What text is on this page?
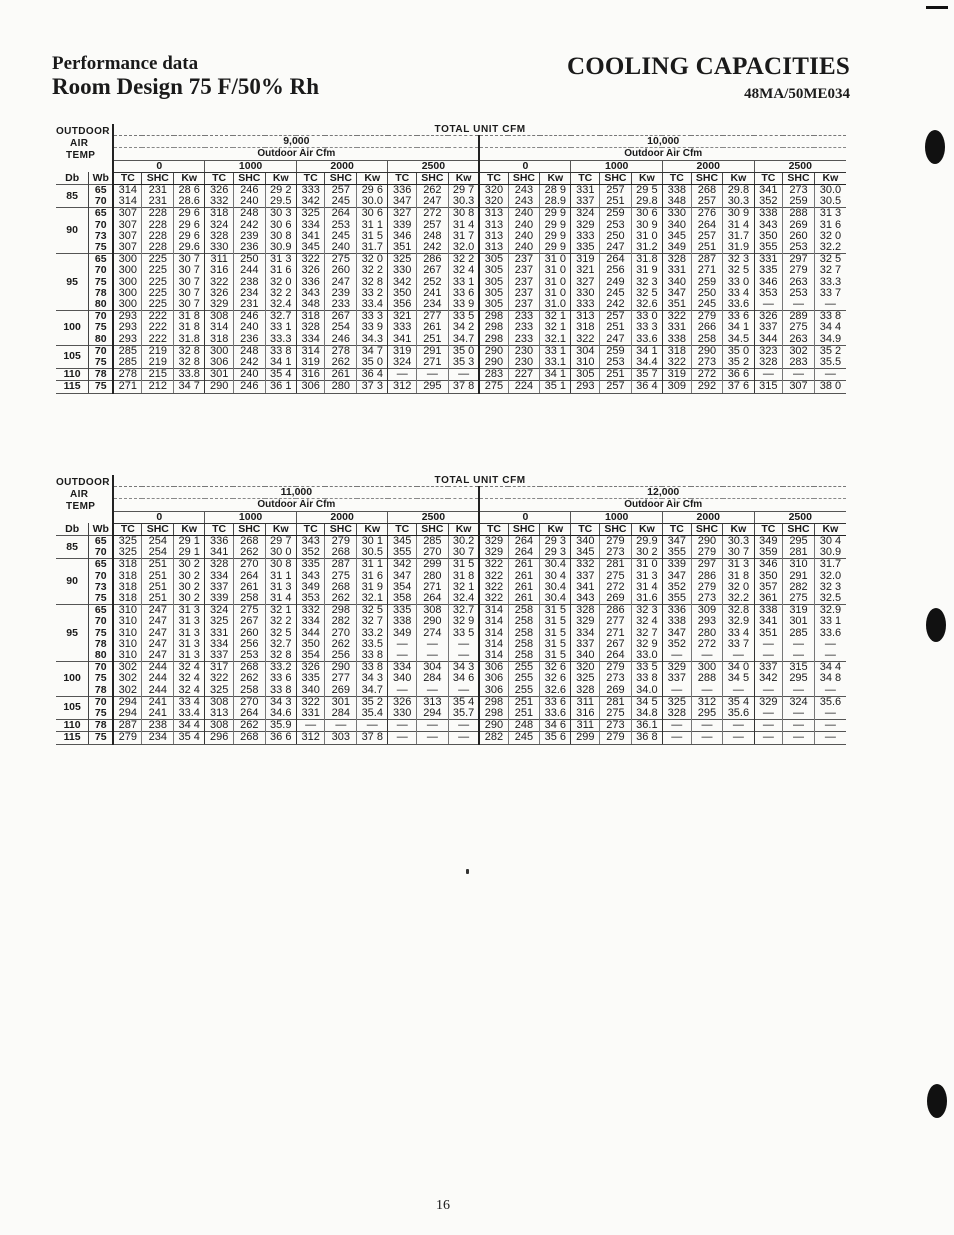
Performance data
Room Design 75 F/50% Rh
COOLING CAPACITIES
48MA/50ME034
OUTDOOR
AIR
TEMP		TOTAL UNIT CFM																							
		9,000												10,000											
		Outdoor Air Cfm												Outdoor Air Cfm											
		0			1000			2000			2500			0			1000			2000			2500		
Db	Wb	TC	SHC	Kw	TC	SHC	Kw	TC	SHC	Kw	TC	SHC	Kw	TC	SHC	Kw	TC	SHC	Kw	TC	SHC	Kw	TC	SHC	Kw
85	65	314	231	28 6	326	246	29 2	333	257	29 6	336	262	29 7	320	243	28 9	331	257	29 5	338	268	29.8	341	273	30.0
	70	314	231	28.6	332	240	29.5	342	245	30.0	347	247	30.3	320	243	28.9	337	251	29.8	348	257	30.3	352	259	30.5
90	65	307	228	29 6	318	248	30 3	325	264	30 6	327	272	30 8	313	240	29 9	324	259	30 6	330	276	30 9	338	288	31 3
	70	307	228	29 6	324	242	30 6	334	253	31 1	339	257	31 4	313	240	29 9	329	253	30 9	340	264	31 4	343	269	31 6
	73	307	228	29 6	328	239	30 8	341	245	31 5	346	248	31 7	313	240	29 9	333	250	31 0	345	257	31.7	350	260	32 0
	75	307	228	29.6	330	236	30.9	345	240	31.7	351	242	32.0	313	240	29 9	335	247	31.2	349	251	31.9	355	253	32.2
95	65	300	225	30 7	311	250	31 3	322	275	32 0	325	286	32 2	305	237	31 0	319	264	31.8	328	287	32 3	331	297	32 5
	70	300	225	30 7	316	244	31 6	326	260	32 2	330	267	32 4	305	237	31 0	321	256	31 9	331	271	32 5	335	279	32 7
	75	300	225	30 7	322	238	32 0	336	247	32 8	342	252	33 1	305	237	31 0	327	249	32 3	340	259	33 0	346	263	33.3
	78	300	225	30 7	326	234	32 2	343	239	33 2	350	241	33 6	305	237	31 0	330	245	32 5	347	250	33 4	353	253	33 7
	80	300	225	30 7	329	231	32.4	348	233	33.4	356	234	33 9	305	237	31.0	333	242	32.6	351	245	33.6	—	—	—
100	70	293	222	31 8	308	246	32.7	318	267	33 3	321	277	33 5	298	233	32 1	313	257	33 0	322	279	33 6	326	289	33 8
	75	293	222	31 8	314	240	33 1	328	254	33 9	333	261	34 2	298	233	32 1	318	251	33 3	331	266	34 1	337	275	34 4
	80	293	222	31.8	318	236	33.3	334	246	34.3	341	251	34.7	298	233	32.1	322	247	33.6	338	258	34.5	344	263	34.9
105	70	285	219	32 8	300	248	33 8	314	278	34 7	319	291	35 0	290	230	33 1	304	259	34 1	318	290	35 0	323	302	35 2
	75	285	219	32 8	306	242	34 1	319	262	35 0	324	271	35 3	290	230	33.1	310	253	34.4	322	273	35 2	328	283	35.5
110	78	278	215	33.8	301	240	35 4	316	261	36 4	—	—	—	283	227	34 1	305	251	35 7	319	272	36 6	—	—	—
115	75	271	212	34 7	290	246	36 1	306	280	37 3	312	295	37 8	275	224	35 1	293	257	36 4	309	292	37 6	315	307	38 0
OUTDOOR
AIR
TEMP		TOTAL UNIT CFM																							
		11,000												12,000											
		Outdoor Air Cfm												Outdoor Air Cfm											
		0			1000			2000			2500			0			1000			2000			2500		
Db	Wb	TC	SHC	Kw	TC	SHC	Kw	TC	SHC	Kw	TC	SHC	Kw	TC	SHC	Kw	TC	SHC	Kw	TC	SHC	Kw	TC	SHC	Kw
85	65	325	254	29 1	336	268	29 7	343	279	30 1	345	285	30.2	329	264	29 3	340	279	29.9	347	290	30.3	349	295	30 4
	70	325	254	29 1	341	262	30 0	352	268	30.5	355	270	30 7	329	264	29 3	345	273	30 2	355	279	30 7	359	281	30.9
90	65	318	251	30 2	328	270	30 8	335	287	31 1	342	299	31 5	322	261	30.4	332	281	31 0	339	297	31 3	346	310	31.7
	70	318	251	30 2	334	264	31 1	343	275	31 6	347	280	31 8	322	261	30 4	337	275	31 3	347	286	31 8	350	291	32.0
	73	318	251	30 2	337	261	31 3	349	268	31 9	354	271	32 1	322	261	30.4	341	272	31 4	352	279	32 0	357	282	32 3
	75	318	251	30 2	339	258	31 4	353	262	32.1	358	264	32.4	322	261	30.4	343	269	31.6	355	273	32.2	361	275	32.5
95	65	310	247	31 3	324	275	32 1	332	298	32 5	335	308	32.7	314	258	31 5	328	286	32 3	336	309	32.8	338	319	32.9
	70	310	247	31 3	325	267	32 2	334	282	32 7	338	290	32 9	314	258	31 5	329	277	32 4	338	293	32.9	341	301	33 1
	75	310	247	31 3	331	260	32 5	344	270	33.2	349	274	33 5	314	258	31 5	334	271	32 7	347	280	33 4	351	285	33.6
	78	310	247	31 3	334	256	32.7	350	262	33.5	—	—	—	314	258	31 5	337	267	32 9	352	272	33 7	—	—	—
	80	310	247	31 3	337	253	32 8	354	256	33 8	—	—	—	314	258	31 5	340	264	33.0	—	—	—	—	—	—
100	70	302	244	32 4	317	268	33.2	326	290	33 8	334	304	34 3	306	255	32 6	320	279	33 5	329	300	34 0	337	315	34 4
	75	302	244	32 4	322	262	33 6	335	277	34 3	340	284	34 6	306	255	32 6	325	273	33 8	337	288	34 5	342	295	34 8
	78	302	244	32 4	325	258	33 8	340	269	34.7	—	—	—	306	255	32.6	328	269	34.0	—	—	—	—	—	—
105	70	294	241	33 4	308	270	34 3	322	301	35 2	326	313	35 4	298	251	33 6	311	281	34 5	325	312	35 4	329	324	35.6
	75	294	241	33.4	313	264	34.6	331	284	35.4	330	294	35.7	298	251	33.6	316	275	34.8	328	295	35.6	—	—	—
110	78	287	238	34 4	308	262	35.9	—	—	—	—	—	—	290	248	34 6	311	273	36.1	—	—	—	—	—	—
115	75	279	234	35 4	296	268	36 6	312	303	37 8	—	—	—	282	245	35 6	299	279	36 8	—	—	—	—	—	—
16
